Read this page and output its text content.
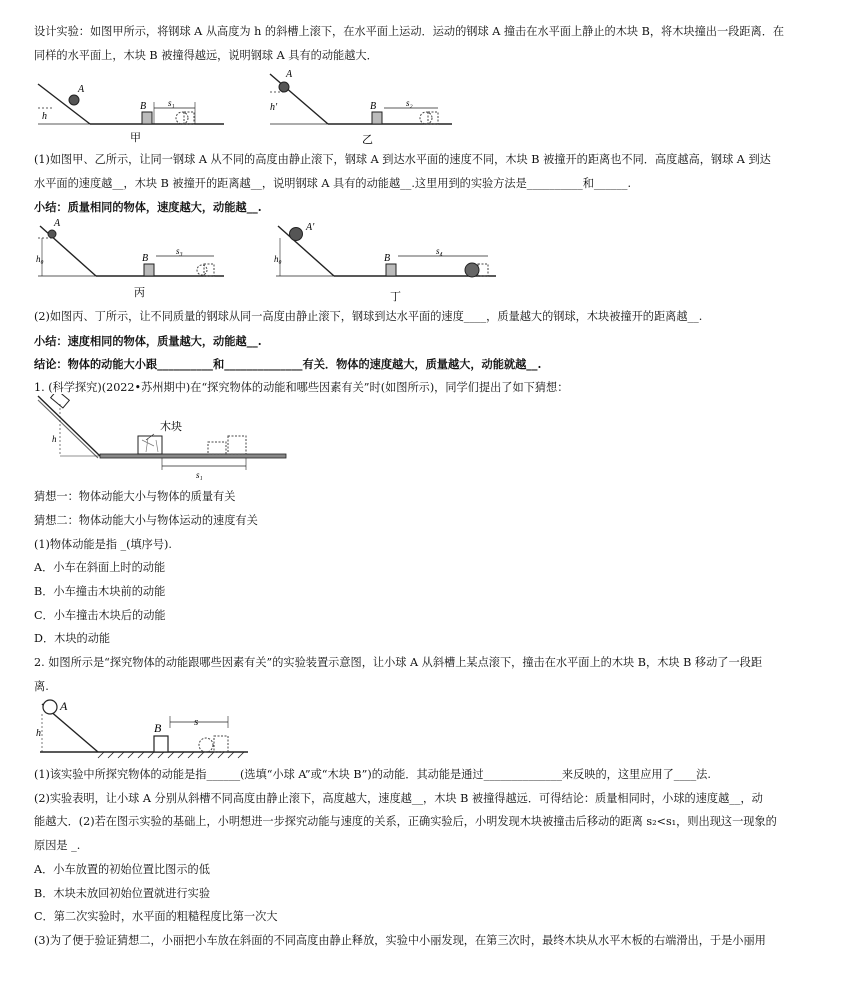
设计实验：如图甲所示，将钢球 A 从高度为 h 的斜槽上滚下，在水平面上运动．运动的钢球 A 撞击在水平面上静止的木块 B，将木块撞出一段距离．在
同样的水平面上，木块 B 被撞得越远，说明钢球 A 具有的动能越大．
h
A
B s₁
甲
h'
A
B	s₂
乙
(1)如图甲、乙所示，让同一钢球 A 从不同的高度由静止滚下，钢球 A 到达水平面的速度不同，木块 B 被撞开的距离也不同．高度越高，钢球 A 到达
水平面的速度越__，木块 B 被撞开的距离越__，说明钢球 A 具有的动能越__.这里用到的实验方法是__________和______.
小结：质量相同的物体，速度越大，动能越__.
h₀
A
B
s₃
丙
h₀
A'
B
s₄
丁
(2)如图丙、丁所示，让不同质量的钢球从同一高度由静止滚下，钢球到达水平面的速度____，质量越大的钢球，木块被撞开的距离越__.
小结：速度相同的物体，质量越大，动能越__.
结论：物体的动能大小跟__________和______________有关．物体的速度越大，质量越大，动能就越__.
1. (科学探究)(2022•苏州期中)在“探究物体的动能和哪些因素有关”时(如图所示)，同学们提出了如下猜想：
h
木块
s₁
猜想一：物体动能大小与物体的质量有关
猜想二：物体动能大小与物体运动的速度有关
(1)物体动能是指 _(填序号).
A．小车在斜面上时的动能
B．小车撞击木块前的动能
C．小车撞击木块后的动能
D．木块的动能
2. 如图所示是“探究物体的动能跟哪些因素有关”的实验装置示意图，让小球 A 从斜槽上某点滚下，撞击在水平面上的木块 B，木块 B 移动了一段距
离.
A
h	B	s
(1)该实验中所探究物体的动能是指______(选填“小球 A”或“木块 B”)的动能．其动能是通过______________来反映的，这里应用了____法.
(2)实验表明，让小球 A 分别从斜槽不同高度由静止滚下，高度越大，速度越__，木块 B 被撞得越远．可得结论：质量相同时，小球的速度越__，动
能越大．(2)若在图示实验的基础上，小明想进一步探究动能与速度的关系，正确实验后，小明发现木块被撞击后移动的距离 s₂<s₁，则出现这一现象的
原因是 _.
A．小车放置的初始位置比图示的低
B．木块未放回初始位置就进行实验
C．第二次实验时，水平面的粗糙程度比第一次大
(3)为了便于验证猜想二，小丽把小车放在斜面的不同高度由静止释放，实验中小丽发现，在第三次时，最终木块从水平木板的右端滑出，于是小丽用
